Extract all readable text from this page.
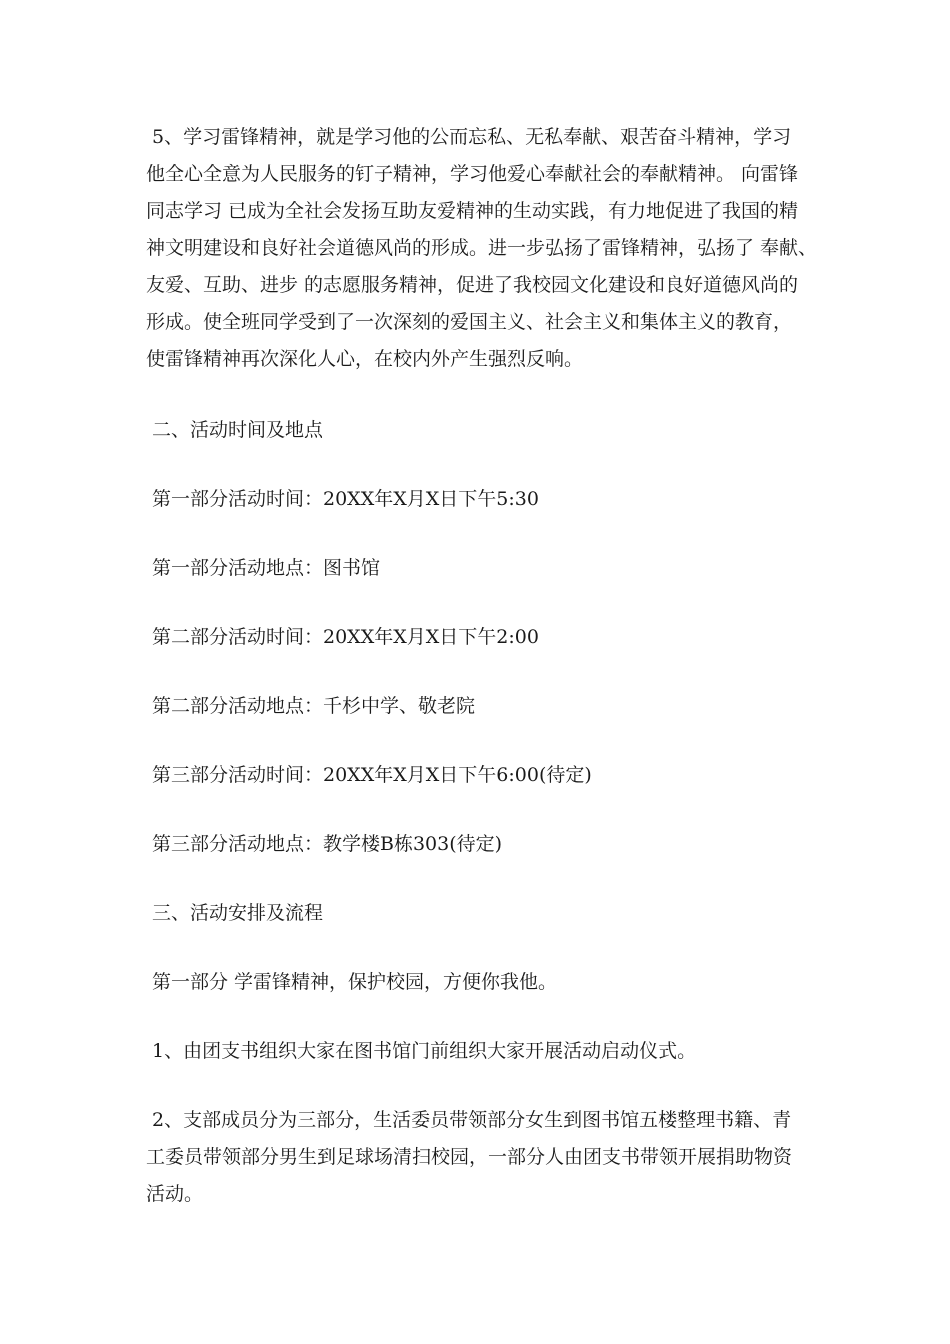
5、学习雷锋精神，就是学习他的公而忘私、无私奉献、艰苦奋斗精神，学习
他全心全意为人民服务的钉子精神，学习他爱心奉献社会的奉献精神。 向雷锋
同志学习 已成为全社会发扬互助友爱精神的生动实践，有力地促进了我国的精
神文明建设和良好社会道德风尚的形成。进一步弘扬了雷锋精神，弘扬了 奉献、
友爱、互助、进步 的志愿服务精神，促进了我校园文化建设和良好道德风尚的
形成。使全班同学受到了一次深刻的爱国主义、社会主义和集体主义的教育，
使雷锋精神再次深化人心，在校内外产生强烈反响。
二、活动时间及地点
第一部分活动时间：20XX年X月X日下午5:30
第一部分活动地点：图书馆
第二部分活动时间：20XX年X月X日下午2:00
第二部分活动地点：千杉中学、敬老院
第三部分活动时间：20XX年X月X日下午6:00(待定)
第三部分活动地点：教学楼B栋303(待定)
三、活动安排及流程
第一部分 学雷锋精神，保护校园，方便你我他。
1、由团支书组织大家在图书馆门前组织大家开展活动启动仪式。
2、支部成员分为三部分，生活委员带领部分女生到图书馆五楼整理书籍、青
工委员带领部分男生到足球场清扫校园，一部分人由团支书带领开展捐助物资
活动。
